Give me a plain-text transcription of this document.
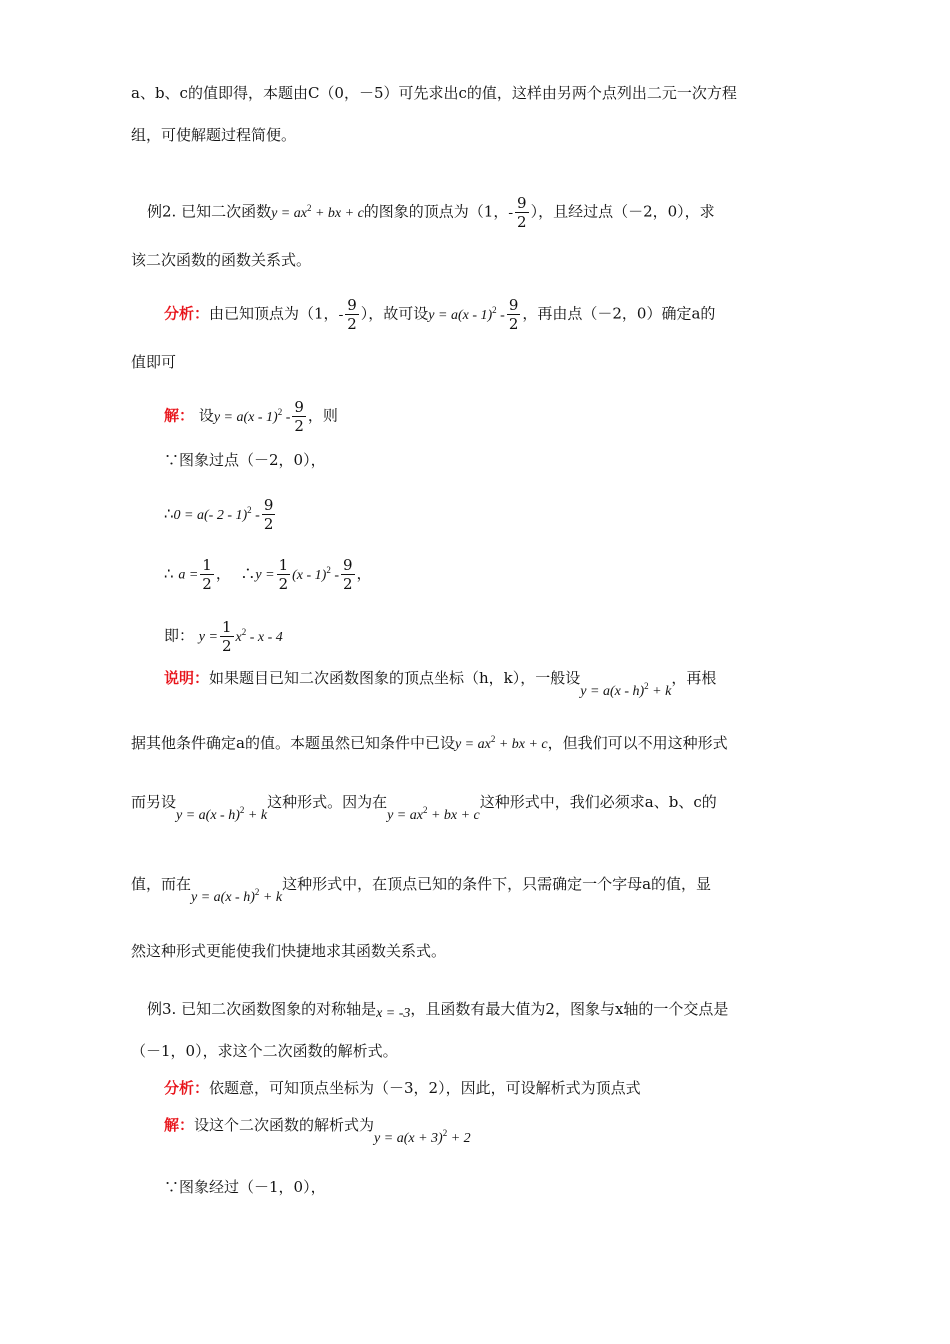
a、b、c的值即得，本题由C（0，－5）可先求出c的值，这样由另两个点列出二元一次方程
组，可使解题过程简便。
例2. 已知二次函数$y = ax^2$ + bx + c的图象的顶点为（1，- $\frac{9}{2}$ ），且经过点（－2，0），求
该二次函数的函数关系式。
分析：由已知顶点为（1，- $\frac{9}{2}$ ），故可设$y = a(x - 1)^2 - \frac{9}{2}$ ，再由点（－2，0）确定a的
值即可
解： 设$y = a(x - 1)^2 - \frac{9}{2}$ ，则
∵图象过点（－2，0），
∴0 = a(- $2 - 1)^2 - \frac{9}{2}$
∴ $a = \frac{1}{2}$ ， ∴y = $\frac{1}{2} (x - 1)^2 - \frac{9}{2}$ ，
即： $y = \frac{1}{2} x^2 - x - 4$
说明：如果题目已知二次函数图象的顶点坐标（h，k），一般设y = a(x - h)$^2$ + k，再根
据其他条件确定a的值。本题虽然已知条件中已设$y = ax^2$ + bx + c，但我们可以不用这种形式
而另设y = a(x - h)$^2$ + k这种形式。因为在$y = ax^2$ + bx + c这种形式中，我们必须求a、b、c的
值，而在y = a(x - h)$^2$ + k这种形式中，在顶点已知的条件下，只需确定一个字母a的值，显
然这种形式更能使我们快捷地求其函数关系式。
例3. 已知二次函数图象的对称轴是x = -3，且函数有最大值为2，图象与x轴的一个交点是
（－1，0），求这个二次函数的解析式。
分析：依题意，可知顶点坐标为（－3，2），因此，可设解析式为顶点式
解：设这个二次函数的解析式为$y = a(x + 3)^2 + 2$
∵图象经过（－1，0），
